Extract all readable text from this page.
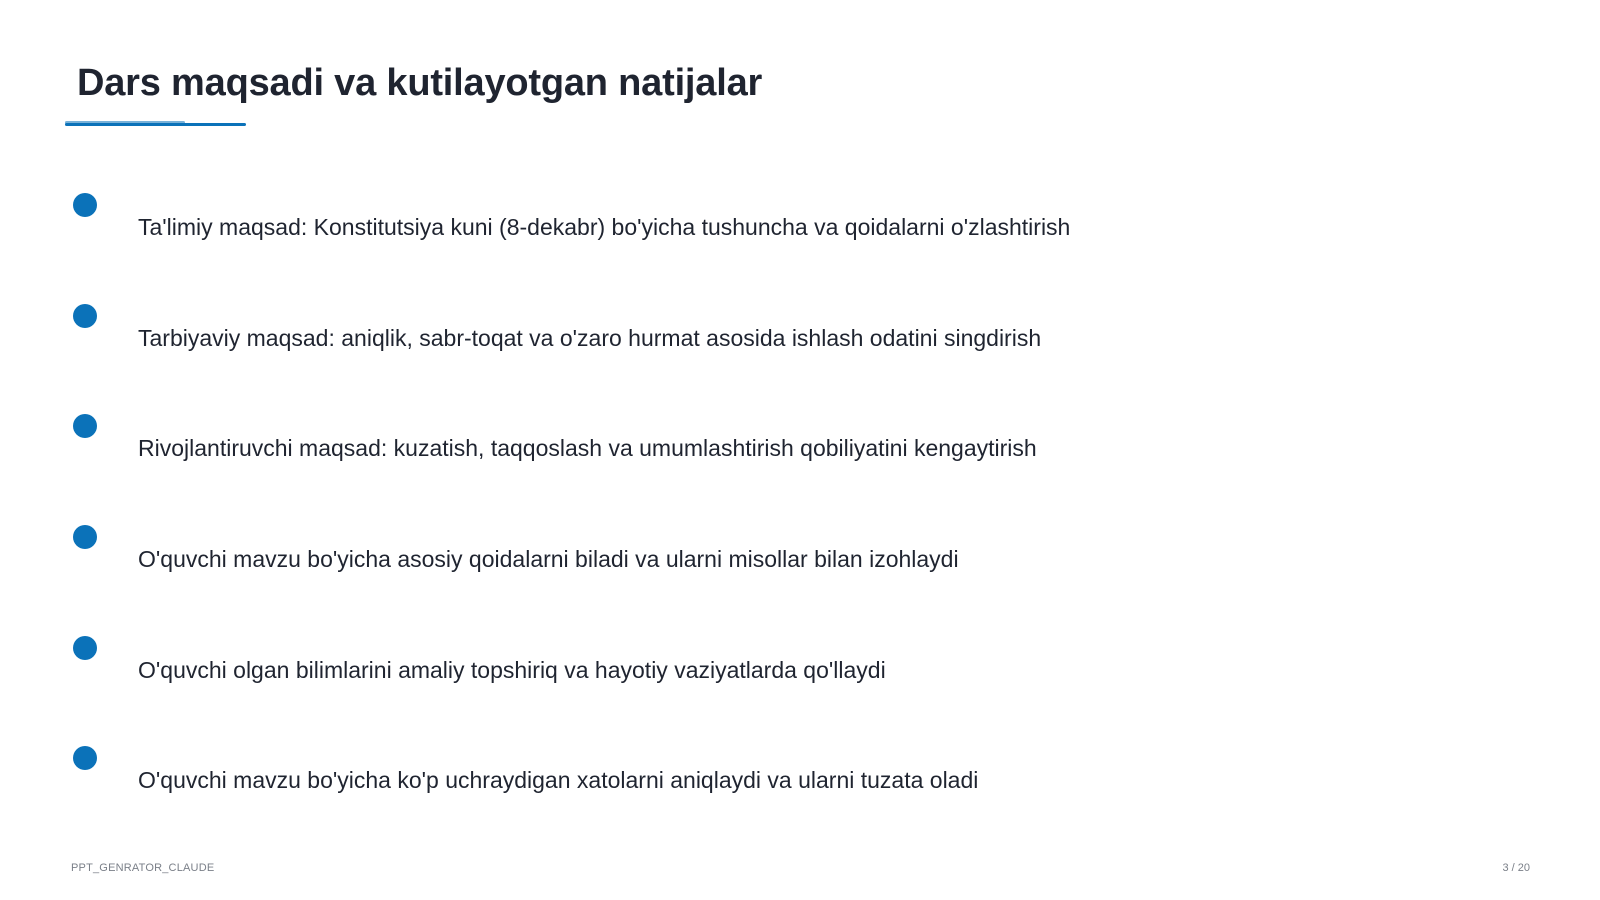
Dars maqsadi va kutilayotgan natijalar
Ta'limiy maqsad: Konstitutsiya kuni (8-dekabr) bo'yicha tushuncha va qoidalarni o'zlashtirish
Tarbiyaviy maqsad: aniqlik, sabr-toqat va o'zaro hurmat asosida ishlash odatini singdirish
Rivojlantiruvchi maqsad: kuzatish, taqqoslash va umumlashtirish qobiliyatini kengaytirish
O'quvchi mavzu bo'yicha asosiy qoidalarni biladi va ularni misollar bilan izohlaydi
O'quvchi olgan bilimlarini amaliy topshiriq va hayotiy vaziyatlarda qo'llaydi
O'quvchi mavzu bo'yicha ko'p uchraydigan xatolarni aniqlaydi va ularni tuzata oladi
PPT_GENRATOR_CLAUDE	3 / 20
